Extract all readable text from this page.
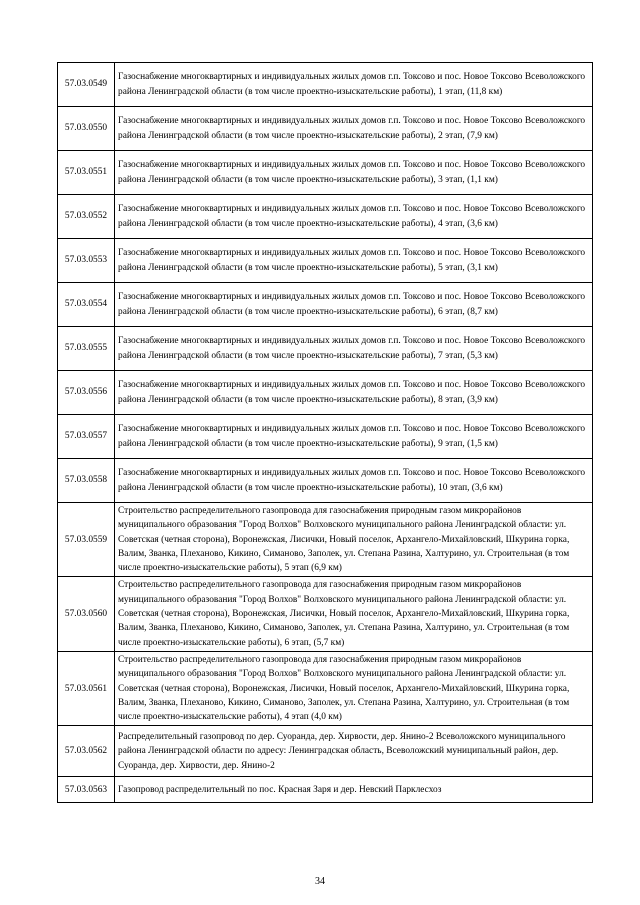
57.03.0549	Газоснабжение многоквартирных и индивидуальных жилых домов г.п. Токсово и пос. Новое Токсово Всеволожского района Ленинградской области (в том числе проектно-изыскательские работы), 1 этап, (11,8 км)
57.03.0550	Газоснабжение многоквартирных и индивидуальных жилых домов г.п. Токсово и пос. Новое Токсово Всеволожского района Ленинградской области (в том числе проектно-изыскательские работы), 2 этап, (7,9 км)
57.03.0551	Газоснабжение многоквартирных и индивидуальных жилых домов г.п. Токсово и пос. Новое Токсово Всеволожского района Ленинградской области (в том числе проектно-изыскательские работы), 3 этап, (1,1 км)
57.03.0552	Газоснабжение многоквартирных и индивидуальных жилых домов г.п. Токсово и пос. Новое Токсово Всеволожского района Ленинградской области (в том числе проектно-изыскательские работы), 4 этап, (3,6 км)
57.03.0553	Газоснабжение многоквартирных и индивидуальных жилых домов г.п. Токсово и пос. Новое Токсово Всеволожского района Ленинградской области (в том числе проектно-изыскательские работы), 5 этап, (3,1 км)
57.03.0554	Газоснабжение многоквартирных и индивидуальных жилых домов г.п. Токсово и пос. Новое Токсово Всеволожского района Ленинградской области (в том числе проектно-изыскательские работы), 6 этап, (8,7 км)
57.03.0555	Газоснабжение многоквартирных и индивидуальных жилых домов г.п. Токсово и пос. Новое Токсово Всеволожского района Ленинградской области (в том числе проектно-изыскательские работы), 7 этап, (5,3 км)
57.03.0556	Газоснабжение многоквартирных и индивидуальных жилых домов г.п. Токсово и пос. Новое Токсово Всеволожского района Ленинградской области (в том числе проектно-изыскательские работы), 8 этап, (3,9 км)
57.03.0557	Газоснабжение многоквартирных и индивидуальных жилых домов г.п. Токсово и пос. Новое Токсово Всеволожского района Ленинградской области (в том числе проектно-изыскательские работы), 9 этап, (1,5 км)
57.03.0558	Газоснабжение многоквартирных и индивидуальных жилых домов г.п. Токсово и пос. Новое Токсово Всеволожского района Ленинградской области (в том числе проектно-изыскательские работы), 10 этап, (3,6 км)
57.03.0559	Строительство распределительного газопровода для газоснабжения природным газом микрорайонов муниципального образования "Город Волхов" Волховского муниципального района Ленинградской области: ул. Советская (четная сторона), Воронежская, Лисички, Новый поселок, Архангело-Михайловский, Шкурина горка, Валим, Званка, Плеханово, Кикино, Симаново, Заполек, ул. Степана Разина, Халтурино, ул. Строительная (в том числе проектно-изыскательские работы), 5 этап (6,9 км)
57.03.0560	Строительство распределительного газопровода для газоснабжения природным газом микрорайонов муниципального образования "Город Волхов" Волховского муниципального района Ленинградской области: ул. Советская (четная сторона), Воронежская, Лисички, Новый поселок, Архангело-Михайловский, Шкурина горка, Валим, Званка, Плеханово, Кикино, Симаново, Заполек, ул. Степана Разина, Халтурино, ул. Строительная (в том числе проектно-изыскательские работы), 6 этап, (5,7 км)
57.03.0561	Строительство распределительного газопровода для газоснабжения природным газом микрорайонов муниципального образования "Город Волхов" Волховского муниципального района Ленинградской области: ул. Советская (четная сторона), Воронежская, Лисички, Новый поселок, Архангело-Михайловский, Шкурина горка, Валим, Званка, Плеханово, Кикино, Симаново, Заполек, ул. Степана Разина, Халтурино, ул. Строительная (в том числе проектно-изыскательские работы), 4 этап (4,0 км)
57.03.0562	Распределительный газопровод по дер. Суоранда, дер. Хирвости, дер. Янино-2 Всеволожского муниципального района Ленинградской области по адресу: Ленинградская область, Всеволожский муниципальный район, дер. Суоранда, дер. Хирвости, дер. Янино-2
57.03.0563	Газопровод распределительный по пос. Красная Заря и дер. Невский Парклесхоз
34
